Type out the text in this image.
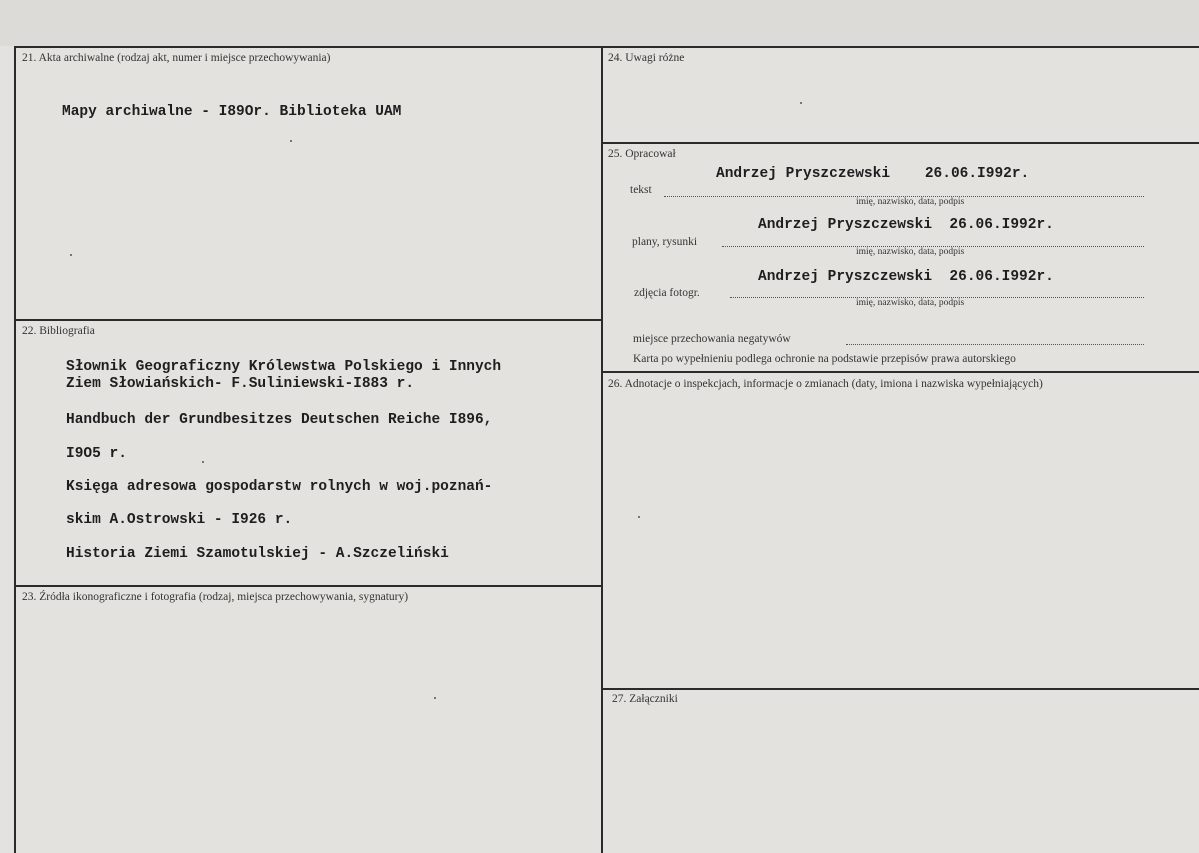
21. Akta archiwalne (rodzaj akt, numer i miejsce przechowywania)
Mapy archiwalne - I89Or. Biblioteka UAM
22. Bibliografia
Słownik Geograficzny Królewstwa Polskiego i Innych
Ziem Słowiańskich- F.Suliniewski-I883 r.
Handbuch der Grundbesitzes Deutschen Reiche I896,
I9O5 r.
Księga adresowa gospodarstw rolnych w woj.poznań-
skim A.Ostrowski - I926 r.
Historia Ziemi Szamotulskiej - A.Szczeliński
23. Źródła ikonograficzne i fotografia (rodzaj, miejsca przechowywania, sygnatury)
24. Uwagi różne
25. Opracował
Andrzej Pryszczewski    26.06.I992r.
tekst
imię, nazwisko, data, podpis
Andrzej Pryszczewski  26.06.I992r.
plany, rysunki
imię, nazwisko, data, podpis
Andrzej Pryszczewski  26.06.I992r.
zdjęcia fotogr.
imię, nazwisko, data, podpis
miejsce przechowania negatywów
Karta po wypełnieniu podlega ochronie na podstawie przepisów prawa autorskiego
26. Adnotacje o inspekcjach, informacje o zmianach (daty, imiona i nazwiska wypełniających)
27. Załączniki
